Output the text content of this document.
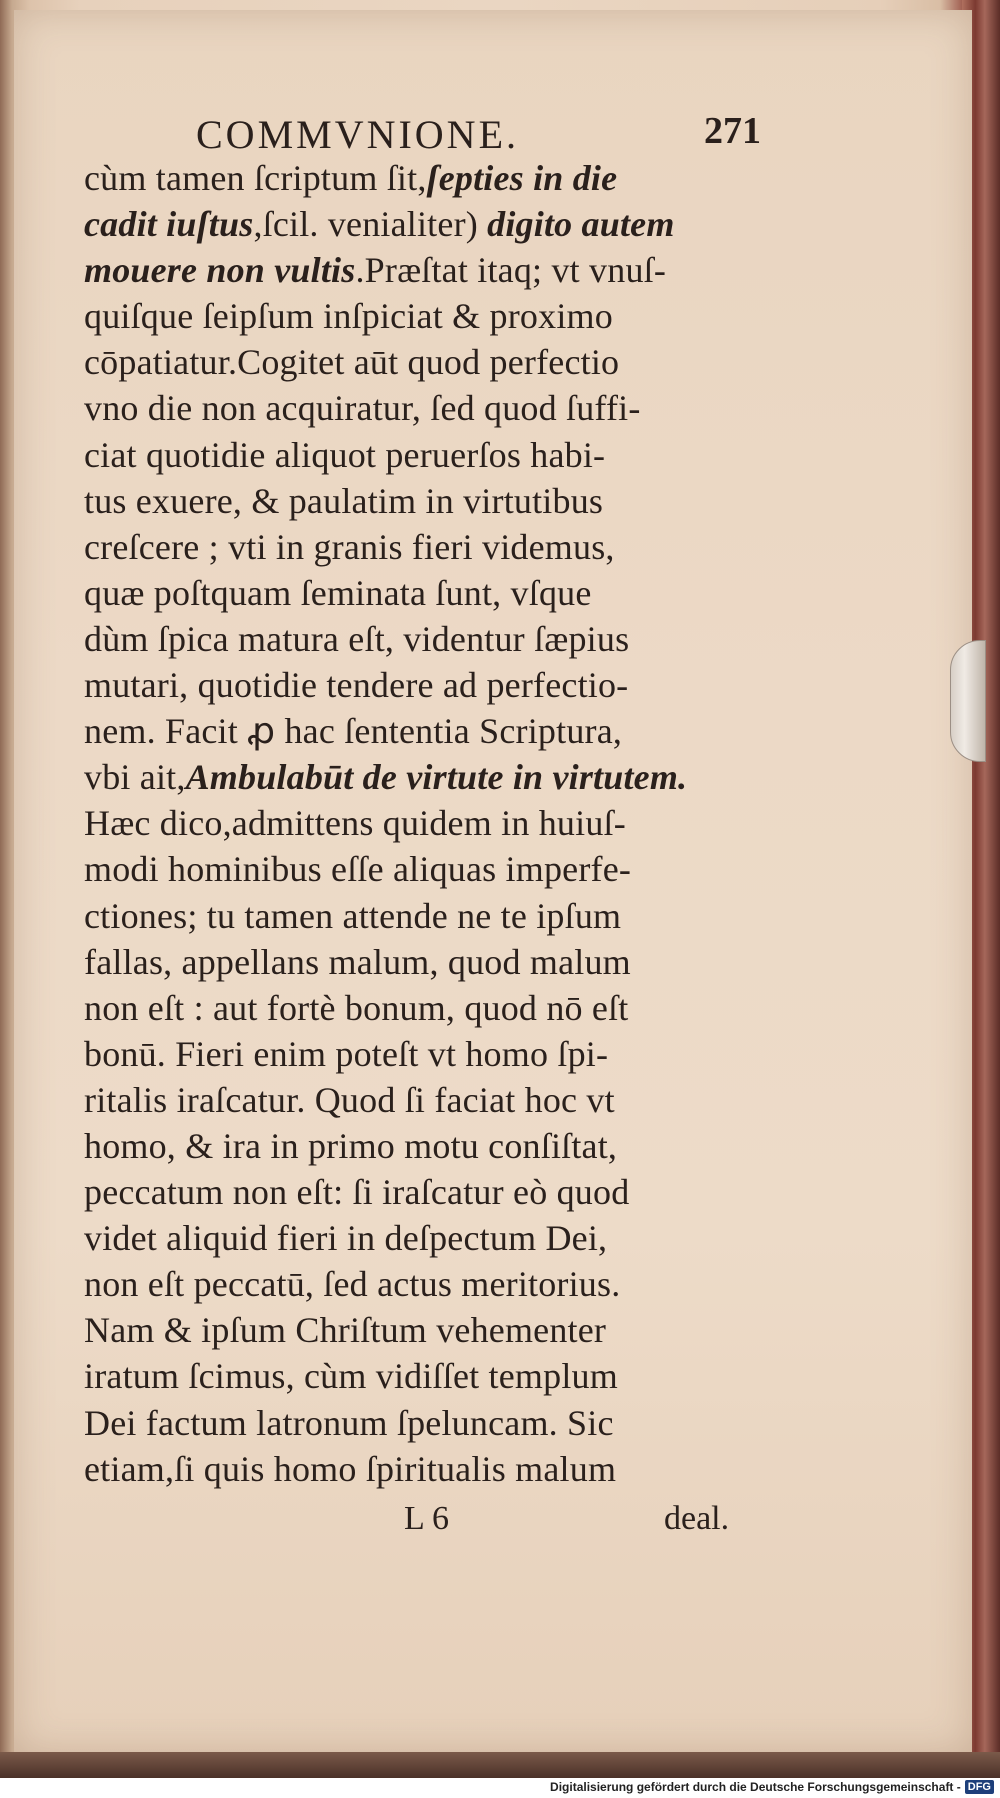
COMMVNIONE.	271
cùm tamen ſcriptum ſit,ſepties in die
cadit iuſtus,ſcil. venialiter) digito autem
mouere non vultis.Præſtat itaq; vt vnuſ-
quiſque ſeipſum inſpiciat & proximo
cōpatiatur.Cogitet aūt quod perfectio
vno die non acquiratur, ſed quod ſuffi-
ciat quotidie aliquot peruerſos habi-
tus exuere, & paulatim in virtutibus
creſcere ; vti in granis fieri videmus,
quæ poſtquam ſeminata ſunt, vſque
dùm ſpica matura eſt, videntur ſæpius
mutari, quotidie tendere ad perfectio-
nem. Facit ꝓ hac ſententia Scriptura,
vbi ait,Ambulabūt de virtute in virtutem.
Hæc dico,admittens quidem in huiuſ-
modi hominibus eſſe aliquas imperfe-
ctiones; tu tamen attende ne te ipſum
fallas, appellans malum, quod malum
non eſt : aut fortè bonum, quod nō eſt
bonū. Fieri enim poteſt vt homo ſpi-
ritalis iraſcatur. Quod ſi faciat hoc vt
homo, & ira in primo motu conſiſtat,
peccatum non eſt: ſi iraſcatur eò quod
videt aliquid fieri in deſpectum Dei,
non eſt peccatū, ſed actus meritorius.
Nam & ipſum Chriſtum vehementer
iratum ſcimus, cùm vidiſſet templum
Dei factum latronum ſpeluncam. Sic
etiam,ſi quis homo ſpiritualis malum
L 6	deal.
Digitalisierung gefördert durch die Deutsche Forschungsgemeinschaft - DFG
